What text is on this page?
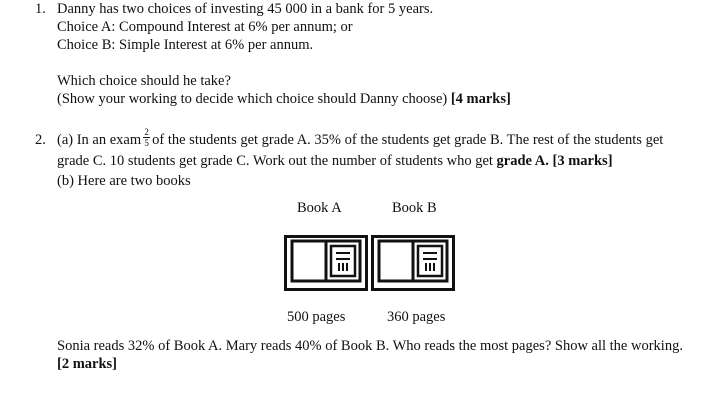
1. Danny has two choices of investing 45 000 in a bank for 5 years.
Choice A: Compound Interest at 6% per annum; or
Choice B: Simple Interest at 6% per annum.
Which choice should he take?
(Show your working to decide which choice should Danny choose) [4 marks]
2. (a) In an exam $\frac{2}{5}$ of the students get grade A. 35% of the students get grade B. The rest of the students get
grade C. 10 students get grade C. Work out the number of students who get grade A. [3 marks]
(b) Here are two books
Book A	Book B
500 pages	360 pages
Sonia reads 32% of Book A. Mary reads 40% of Book B. Who reads the most pages? Show all the working.
[2 marks]
